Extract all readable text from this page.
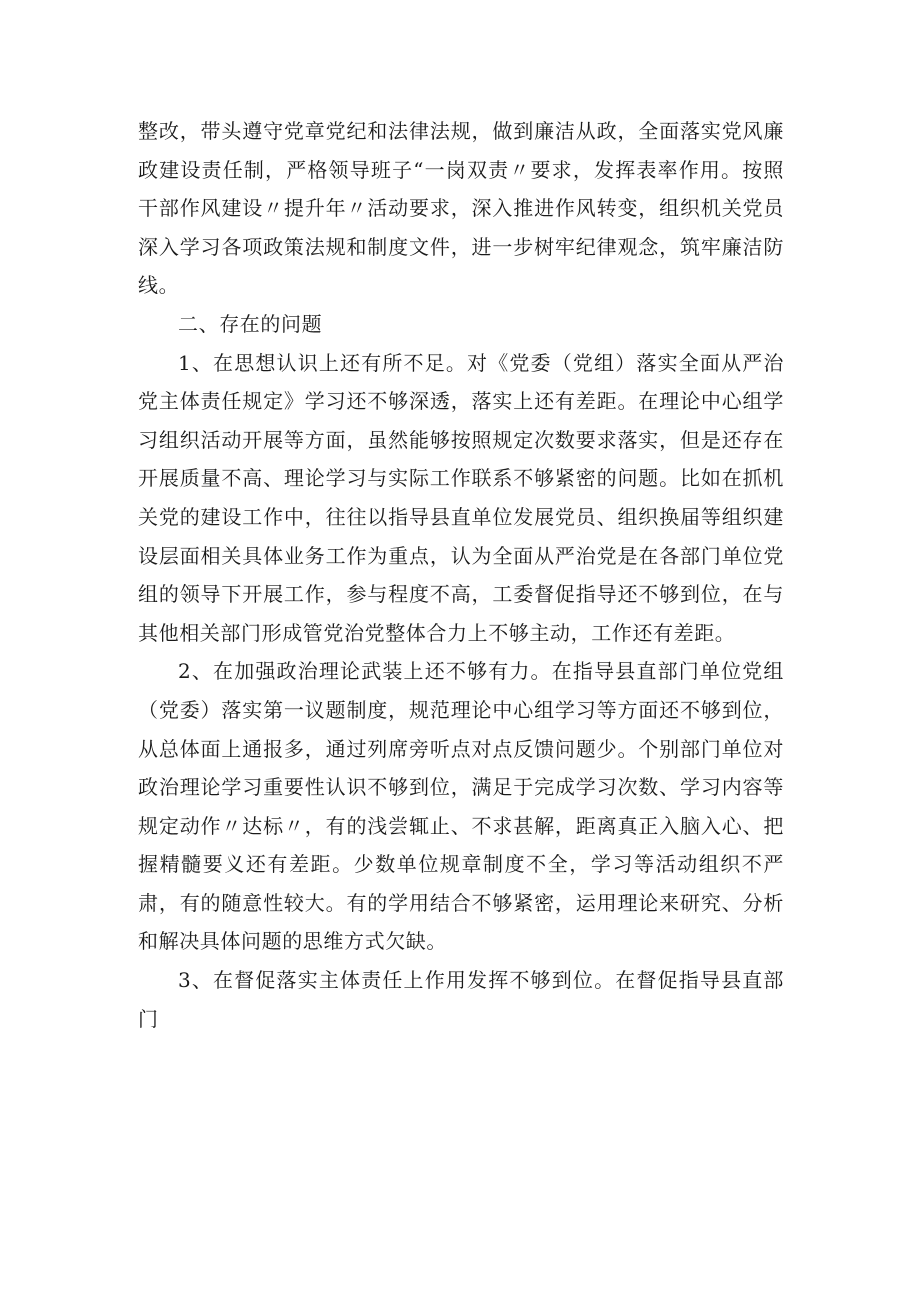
整改，带头遵守党章党纪和法律法规，做到廉洁从政，全面落实党风廉政建设责任制，严格领导班子“一岗双责〃要求，发挥表率作用。按照干部作风建设〃提升年〃活动要求，深入推进作风转变，组织机关党员深入学习各项政策法规和制度文件，进一步树牢纪律观念，筑牢廉洁防线。

二、存在的问题

1、在思想认识上还有所不足。对《党委（党组）落实全面从严治党主体责任规定》学习还不够深透，落实上还有差距。在理论中心组学习组织活动开展等方面，虽然能够按照规定次数要求落实，但是还存在开展质量不高、理论学习与实际工作联系不够紧密的问题。比如在抓机关党的建设工作中，往往以指导县直单位发展党员、组织换届等组织建设层面相关具体业务工作为重点，认为全面从严治党是在各部门单位党组的领导下开展工作，参与程度不高，工委督促指导还不够到位，在与其他相关部门形成管党治党整体合力上不够主动，工作还有差距。

2、在加强政治理论武装上还不够有力。在指导县直部门单位党组（党委）落实第一议题制度，规范理论中心组学习等方面还不够到位，从总体面上通报多，通过列席旁听点对点反馈问题少。个别部门单位对政治理论学习重要性认识不够到位，满足于完成学习次数、学习内容等规定动作〃达标〃，有的浅尝辄止、不求甚解，距离真正入脑入心、把握精髓要义还有差距。少数单位规章制度不全，学习等活动组织不严肃，有的随意性较大。有的学用结合不够紧密，运用理论来研究、分析和解决具体问题的思维方式欠缺。

3、在督促落实主体责任上作用发挥不够到位。在督促指导县直部门
